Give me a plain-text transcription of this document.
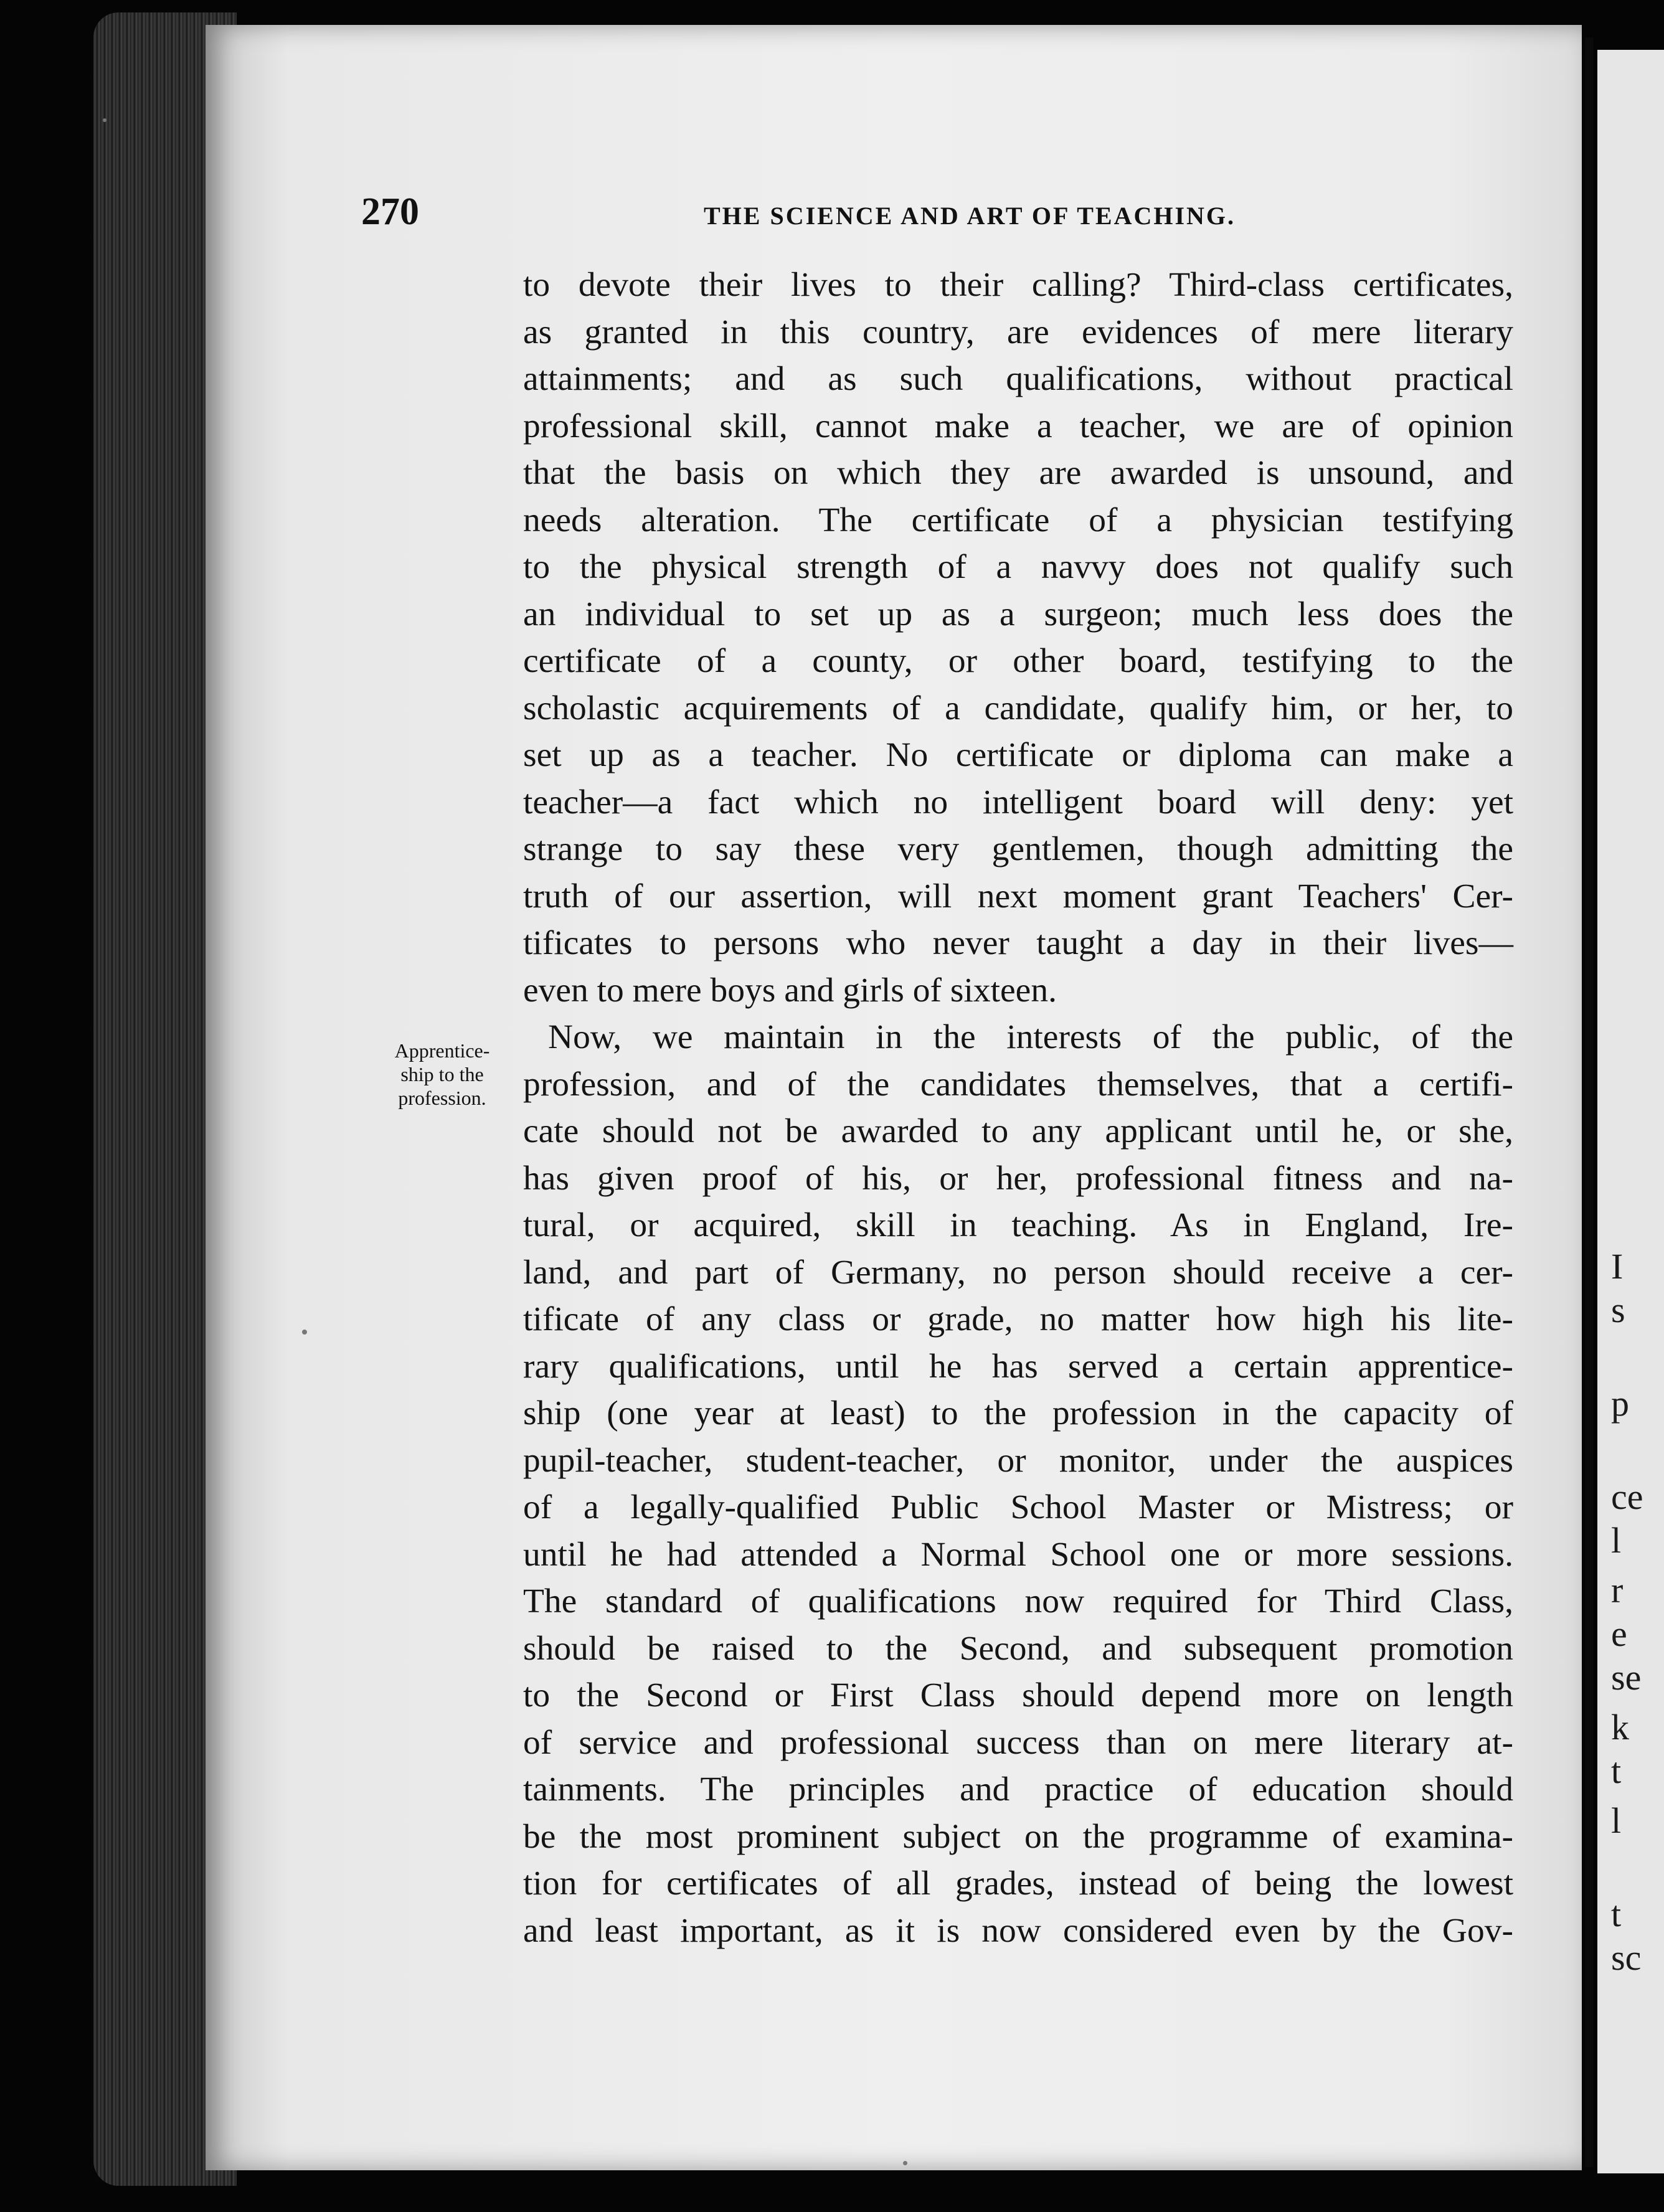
I
s
p
ce
l
r
e
se
k
t
l
t
sc
270	THE SCIENCE AND ART OF TEACHING.
Apprentice-
ship to the
profession.
to devote their lives to their calling? Third-class certificates,
as granted in this country, are evidences of mere literary
attainments; and as such qualifications, without practical
professional skill, cannot make a teacher, we are of opinion
that the basis on which they are awarded is unsound, and
needs alteration. The certificate of a physician testifying
to the physical strength of a navvy does not qualify such
an individual to set up as a surgeon; much less does the
certificate of a county, or other board, testifying to the
scholastic acquirements of a candidate, qualify him, or her, to
set up as a teacher. No certificate or diploma can make a
teacher—a fact which no intelligent board will deny: yet
strange to say these very gentlemen, though admitting the
truth of our assertion, will next moment grant Teachers' Cer-
tificates to persons who never taught a day in their lives—
even to mere boys and girls of sixteen.
Now, we maintain in the interests of the public, of the
profession, and of the candidates themselves, that a certifi-
cate should not be awarded to any applicant until he, or she,
has given proof of his, or her, professional fitness and na-
tural, or acquired, skill in teaching. As in England, Ire-
land, and part of Germany, no person should receive a cer-
tificate of any class or grade, no matter how high his lite-
rary qualifications, until he has served a certain apprentice-
ship (one year at least) to the profession in the capacity of
pupil-teacher, student-teacher, or monitor, under the auspices
of a legally-qualified Public School Master or Mistress; or
until he had attended a Normal School one or more sessions.
The standard of qualifications now required for Third Class,
should be raised to the Second, and subsequent promotion
to the Second or First Class should depend more on length
of service and professional success than on mere literary at-
tainments. The principles and practice of education should
be the most prominent subject on the programme of examina-
tion for certificates of all grades, instead of being the lowest
and least important, as it is now considered even by the Gov-
